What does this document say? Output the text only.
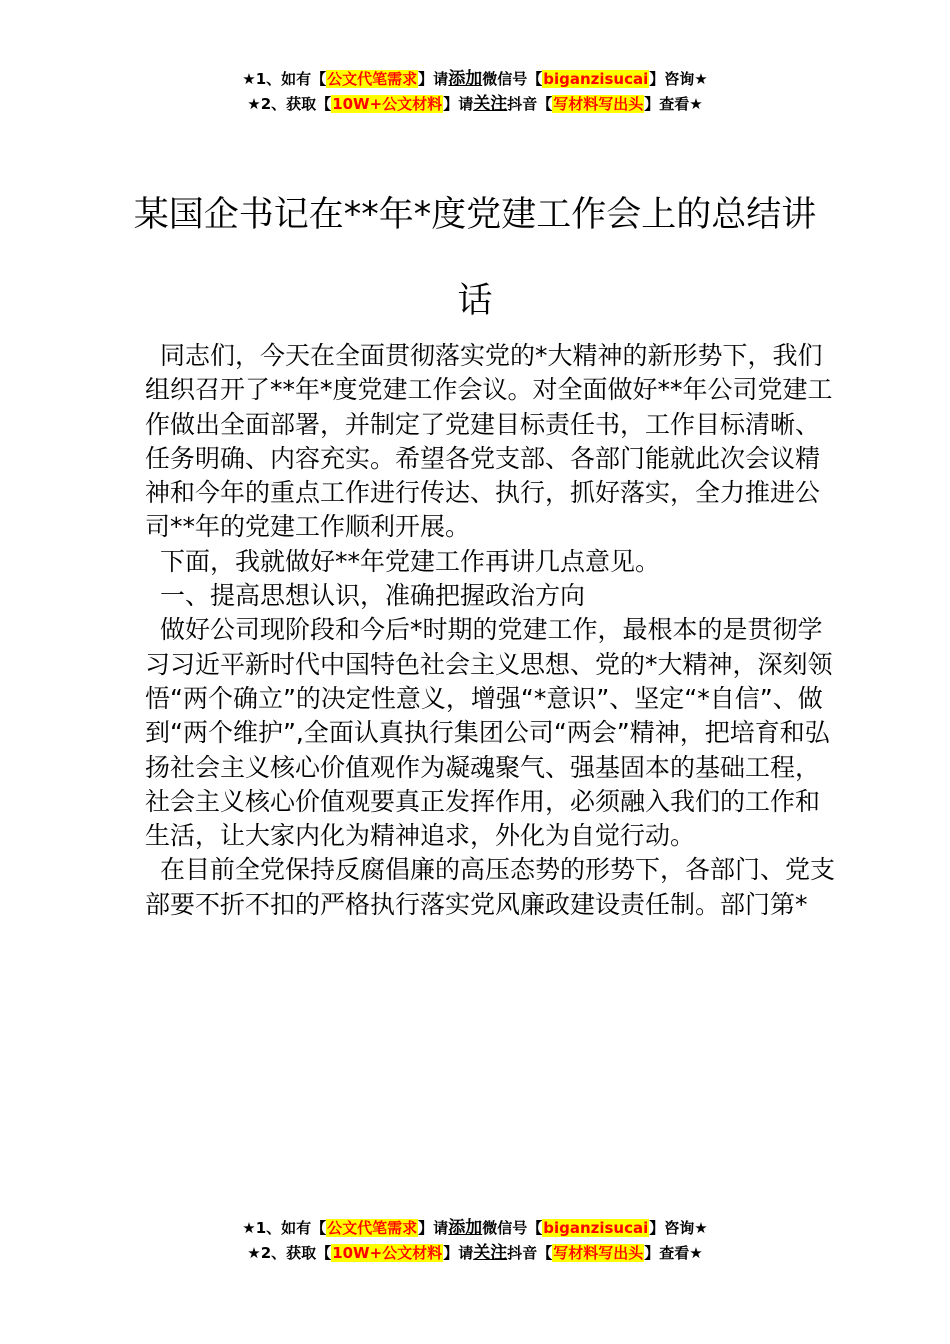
★1、如有【公文代笔需求】请添加微信号【biganzisucai】咨询★
★2、获取【10W+公文材料】请关注抖音【写材料写出头】查看★
某国企书记在**年*度党建工作会上的总结讲话

同志们，今天在全面贯彻落实党的*大精神的新形势下，我们组织召开了**年*度党建工作会议。对全面做好**年公司党建工作做出全面部署，并制定了党建目标责任书，工作目标清晰、任务明确、内容充实。希望各党支部、各部门能就此次会议精神和今年的重点工作进行传达、执行，抓好落实，全力推进公司**年的党建工作顺利开展。

下面，我就做好**年党建工作再讲几点意见。

一、提高思想认识，准确把握政治方向

做好公司现阶段和今后*时期的党建工作，最根本的是贯彻学习习近平新时代中国特色社会主义思想、党的*大精神，深刻领悟“两个确立”的决定性意义，增强“*意识”、坚定“*自信”、做到“两个维护”,全面认真执行集团公司“两会”精神，把培育和弘扬社会主义核心价值观作为凝魂聚气、强基固本的基础工程， 社会主义核心价值观要真正发挥作用，必须融入我们的工作和生活，让大家内化为精神追求，外化为自觉行动。

在目前全党保持反腐倡廉的高压态势的形势下，各部门、党支部要不折不扣的严格执行落实党风廉政建设责任制。部门第*

★1、如有【公文代笔需求】请添加微信号【biganzisucai】咨询★
★2、获取【10W+公文材料】请关注抖音【写材料写出头】查看★
